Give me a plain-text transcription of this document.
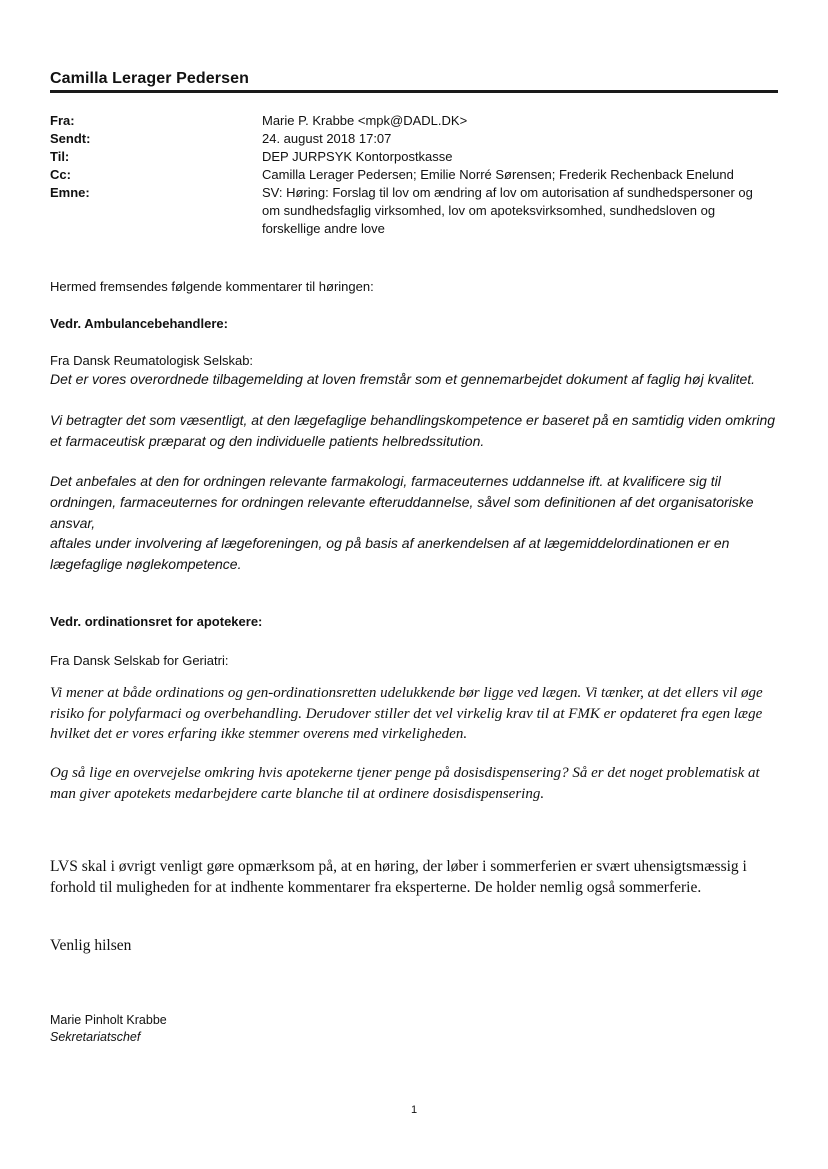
Camilla Lerager Pedersen
Fra:	Marie P. Krabbe <mpk@DADL.DK>
Sendt:	24. august 2018 17:07
Til:	DEP JURPSYK Kontorpostkasse
Cc:	Camilla Lerager Pedersen; Emilie Norré Sørensen; Frederik Rechenback Enelund
Emne:	SV: Høring: Forslag til lov om ændring af lov om autorisation af sundhedspersoner og om sundhedsfaglig virksomhed, lov om apoteksvirksomhed, sundhedsloven og forskellige andre love
Hermed fremsendes følgende kommentarer til høringen:
Vedr. Ambulancebehandlere:
Fra Dansk Reumatologisk Selskab:
Det er vores overordnede tilbagemelding at loven fremstår som et gennemarbejdet dokument af faglig høj kvalitet.
Vi betragter det som væsentligt, at den lægefaglige behandlingskompetence er baseret på en samtidig viden omkring et farmaceutisk præparat og den individuelle patients helbredssitution.
Det anbefales at den for ordningen relevante farmakologi, farmaceuternes uddannelse ift. at kvalificere sig til ordningen, farmaceuternes for ordningen relevante efteruddannelse, såvel som definitionen af det organisatoriske ansvar,
aftales under involvering af lægeforeningen, og på basis af anerkendelsen af at lægemiddelordinationen er en lægefaglige nøglekompetence.
Vedr. ordinationsret for apotekere:
Fra Dansk Selskab for Geriatri:
Vi mener at både ordinations og gen-ordinationsretten udelukkende bør ligge ved lægen. Vi tænker, at det ellers vil øge risiko for polyfarmaci og overbehandling. Derudover stiller det vel virkelig krav til at FMK er opdateret fra egen læge hvilket det er vores erfaring ikke stemmer overens med virkeligheden.
Og så lige en overvejelse omkring hvis apotekerne tjener penge på dosisdispensering? Så er det noget problematisk at man giver apotekets medarbejdere carte blanche til at ordinere dosisdispensering.
LVS skal i øvrigt venligt gøre opmærksom på, at en høring, der løber i sommerferien er svært uhensigtsmæssig i forhold til muligheden for at indhente kommentarer fra eksperterne. De holder nemlig også sommerferie.
Venlig hilsen
Marie Pinholt Krabbe
Sekretariatschef
1
